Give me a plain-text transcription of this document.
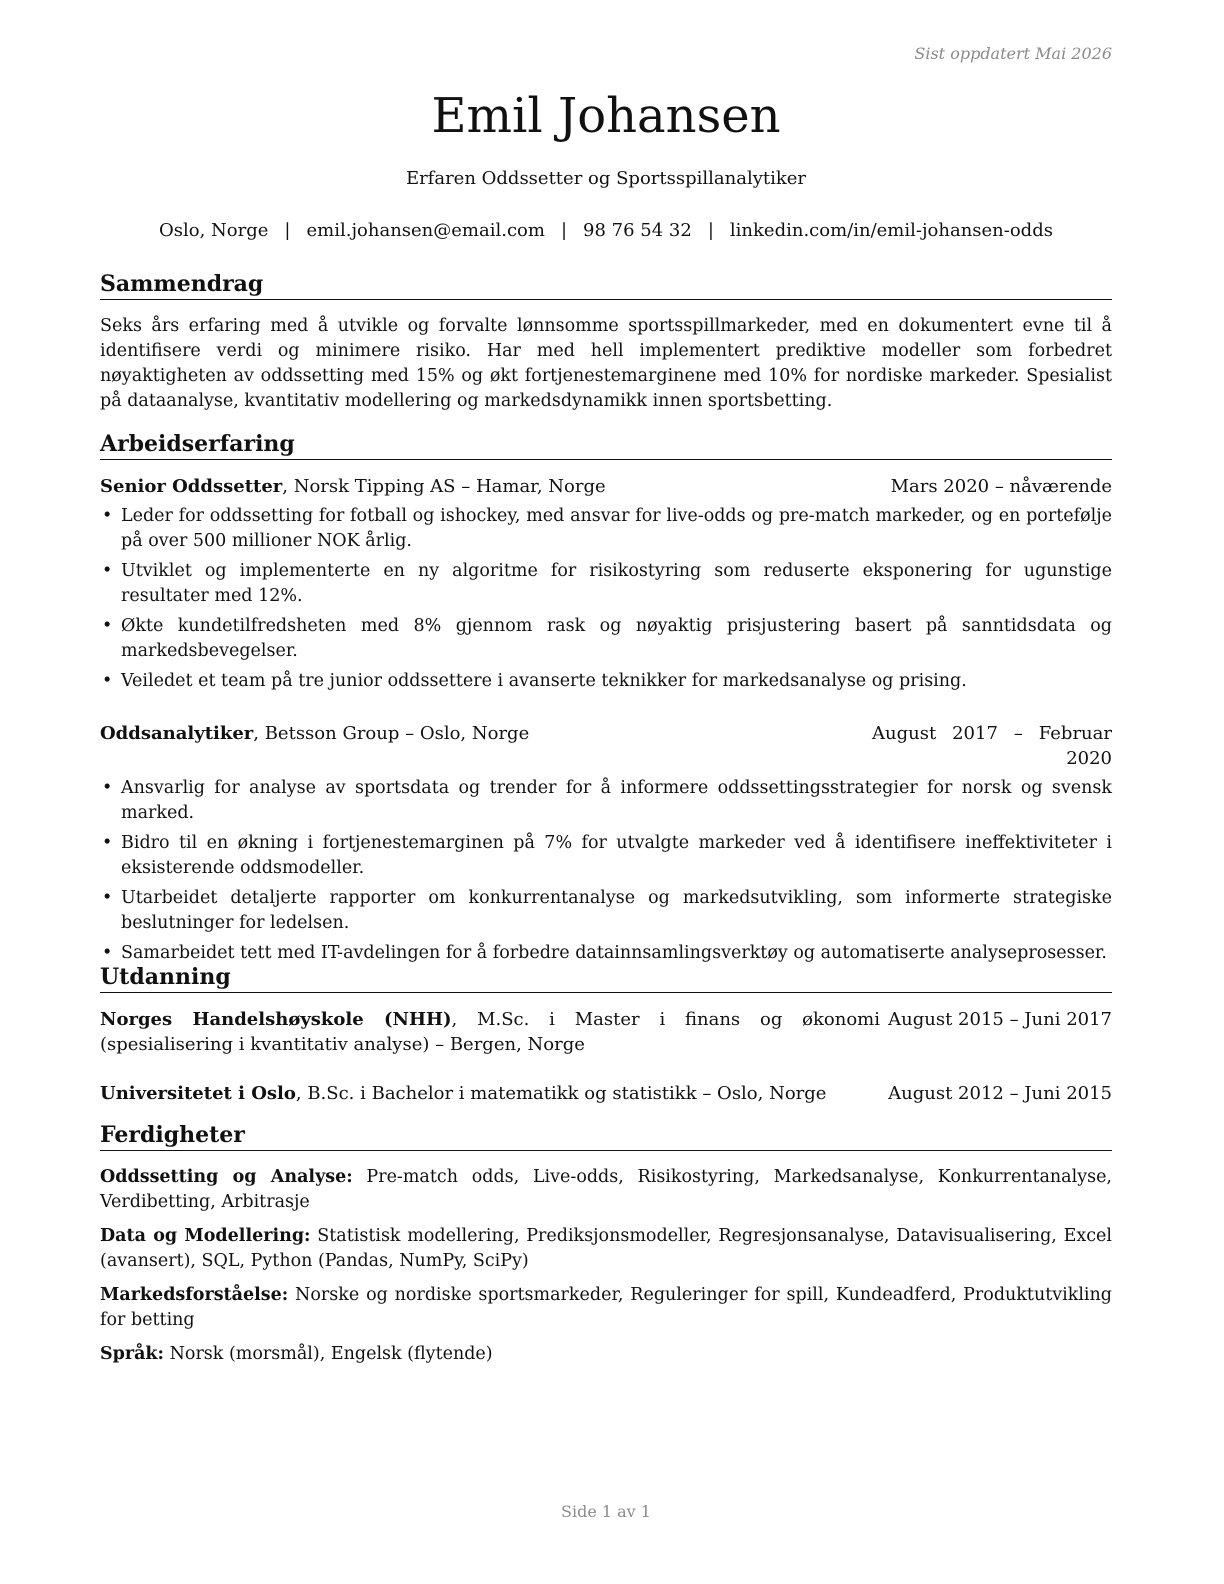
Sist oppdatert Mai 2026
Emil Johansen
Erfaren Oddssetter og Sportsspillanalytiker
Oslo, Norge | emil.johansen@email.com | 98 76 54 32 | linkedin.com/in/emil-johansen-odds
Sammendrag

Seks års erfaring med å utvikle og forvalte lønnsomme sportsspillmarkeder, med en dokumentert evne til å identifisere verdi og minimere risiko. Har med hell implementert prediktive modeller som forbedret nøyaktigheten av oddssetting med 15% og økt fortjenestemarginene med 10% for nordiske markeder. Spesialist på dataanalyse, kvantitativ modellering og markedsdynamikk innen sportsbetting.

Arbeidserfaring
Senior Oddssetter, Norsk Tipping AS – Hamar, Norge	Mars 2020 – nåværende
• Leder for oddssetting for fotball og ishockey, med ansvar for live-odds og pre-match markeder, og en portefølje på over 500 millioner NOK årlig.
• Utviklet og implementerte en ny algoritme for risikostyring som reduserte eksponering for ugunstige resultater med 12%.
• Økte kundetilfredsheten med 8% gjennom rask og nøyaktig prisjustering basert på sanntidsdata og markedsbevegelser.
• Veiledet et team på tre junior oddssettere i avanserte teknikker for markedsanalyse og prising.
Oddsanalytiker, Betsson Group – Oslo, Norge	August 2017 – Februar 2020
• Ansvarlig for analyse av sportsdata og trender for å informere oddssettingsstrategier for norsk og svensk marked.
• Bidro til en økning i fortjenestemarginen på 7% for utvalgte markeder ved å identifisere ineffektiviteter i eksisterende oddsmodeller.
• Utarbeidet detaljerte rapporter om konkurrentanalyse og markedsutvikling, som informerte strategiske beslutninger for ledelsen.
• Samarbeidet tett med IT-avdelingen for å forbedre datainnsamlingsverktøy og automatiserte analyseprosesser.
Utdanning
Norges Handelshøyskole (NHH), M.Sc. i Master i finans og økonomi (spesialisering i kvantitativ analyse) – Bergen, Norge
August 2015 – Juni 2017
Universitetet i Oslo, B.Sc. i Bachelor i matematikk og statistikk – Oslo, Norge	August 2012 – Juni 2015
Ferdigheter

Oddssetting og Analyse: Pre-match odds, Live-odds, Risikostyring, Markedsanalyse, Konkurrentanalyse, Verdibetting, Arbitrasje

Data og Modellering: Statistisk modellering, Prediksjonsmodeller, Regresjonsanalyse, Datavisualisering, Excel (avansert), SQL, Python (Pandas, NumPy, SciPy)

Markedsforståelse: Norske og nordiske sportsmarkeder, Reguleringer for spill, Kundeadferd, Produktutvikling for betting

Språk: Norsk (morsmål), Engelsk (flytende)

Side 1 av 1
